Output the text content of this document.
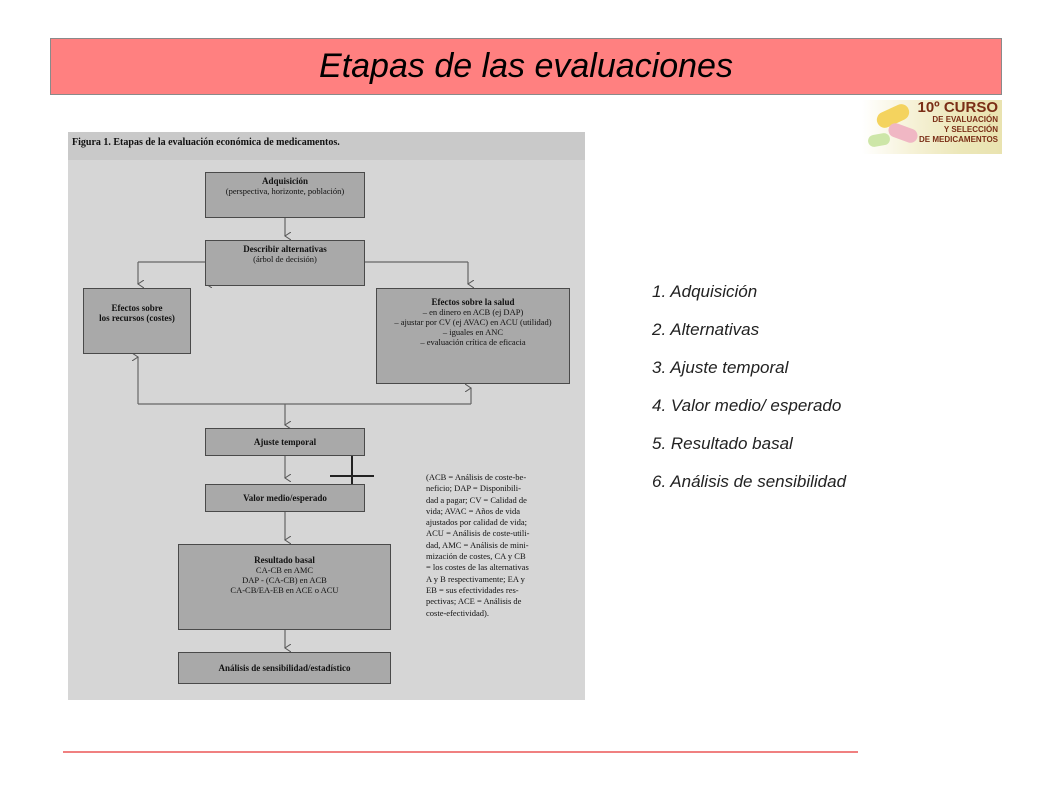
Etapas de las evaluaciones
10º CURSO
DE EVALUACIÓN
Y SELECCIÓN
DE MEDICAMENTOS
Figura 1. Etapas de la evaluación económica de medicamentos.
Adquisición
(perspectiva, horizonte, población)
Describir alternativas
(árbol de decisión)
Efectos sobre
los recursos (costes)
Efectos sobre la salud
– en dinero en ACB (ej DAP)
– ajustar por CV (ej AVAC) en ACU (utilidad)
– iguales en ANC
– evaluación crítica de eficacia
Ajuste temporal
Valor medio/esperado
Resultado basal
CA-CB en AMC
DAP - (CA-CB) en ACB
CA-CB/EA-EB en ACE o ACU
Análisis de sensibilidad/estadístico
(ACB = Análisis de coste-be-
neficio; DAP = Disponibili-
dad a pagar; CV = Calidad de
vida; AVAC = Años de vida
ajustados por calidad de vida;
ACU = Análisis de coste-utili-
dad, AMC = Análisis de mini-
mización de costes, CA y CB
= los costes de las alternativas
A y B respectivamente; EA y
EB = sus efectividades res-
pectivas; ACE = Análisis de
coste-efectividad).
1. Adquisición
2. Alternativas
3. Ajuste temporal
4. Valor medio/ esperado
5. Resultado basal
6. Análisis de sensibilidad
